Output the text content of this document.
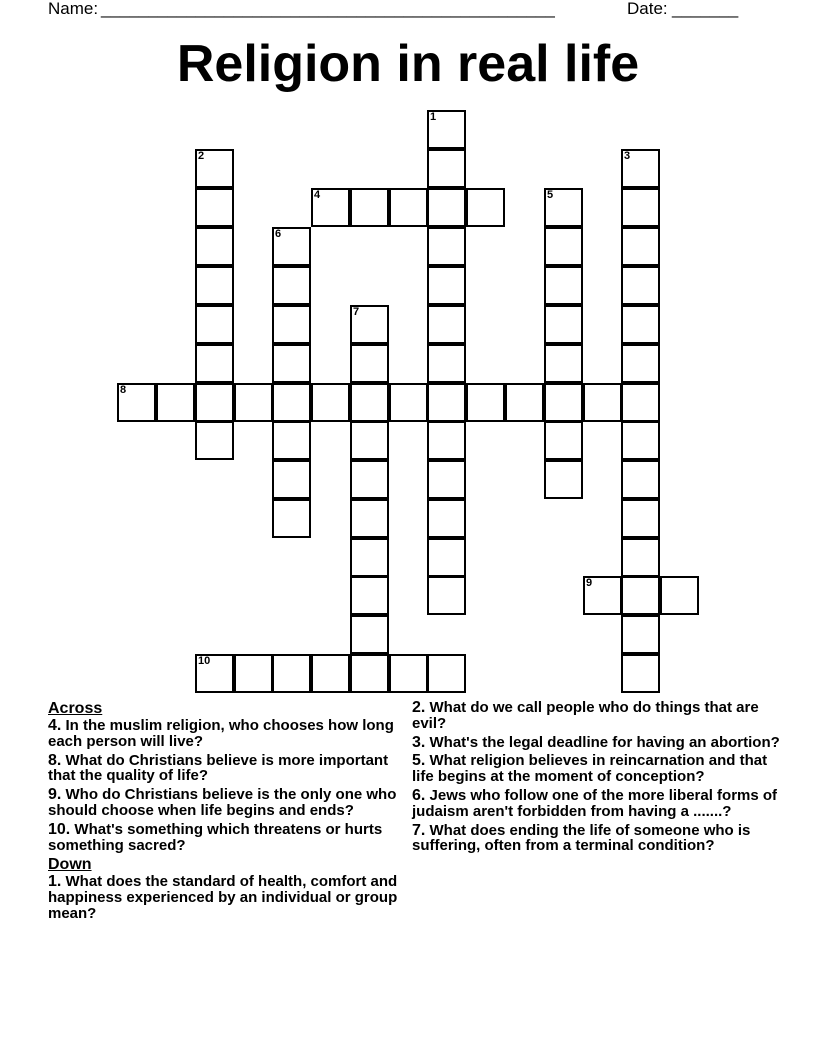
Name:

________________________________________________

	Date:

_______

Religion in real life
1
2	3
4	5
6
7
8
9
10
Across
4. In the muslim religion, who chooses how long each person will live?
8. What do Christians believe is more important that the quality of life?
9. Who do Christians believe is the only one who should choose when life begins and ends?
10. What's something which threatens or hurts something sacred?
Down
1. What does the standard of health, comfort and happiness experienced by an individual or group mean?
2. What do we call people who do things that are evil?
3. What's the legal deadline for having an abortion?
5. What religion believes in reincarnation and that life begins at the moment of conception?
6. Jews who follow one of the more liberal forms of judaism aren't forbidden from having a .......?
7. What does ending the life of someone who is suffering, often from a terminal condition?
